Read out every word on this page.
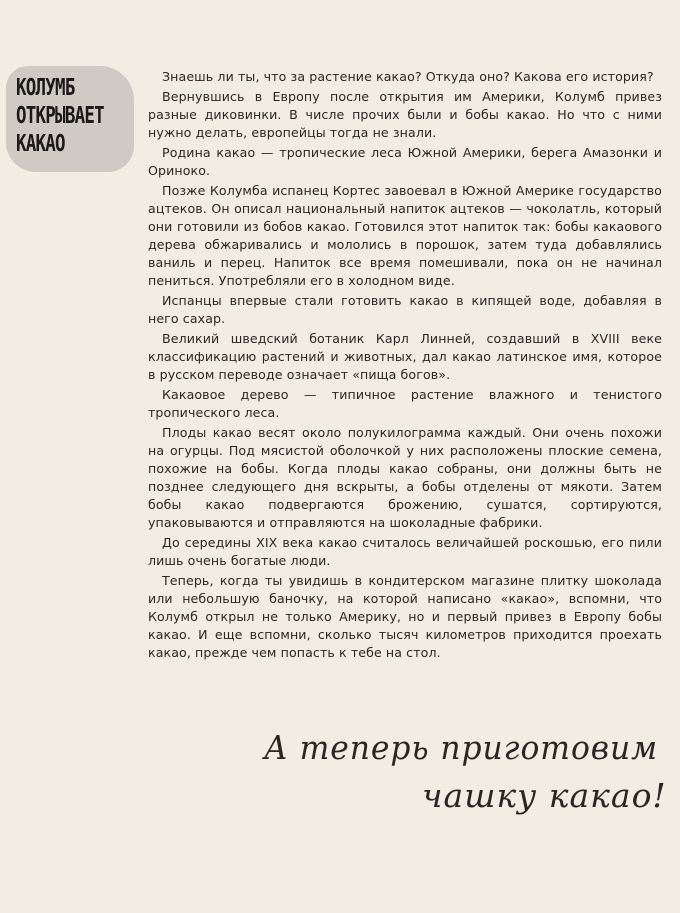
КОЛУМБ
ОТКРЫВАЕТ
КАКАО

Знаешь ли ты, что за растение какао? Откуда оно? Какова его история?

Вернувшись в Европу после открытия им Америки, Колумб привез разные диковинки. В числе прочих были и бобы какао. Но что с ними нужно делать, европейцы тогда не знали.

Родина какао — тропические леса Южной Америки, берега Амазонки и Ориноко.

Позже Колумба испанец Кортес завоевал в Южной Америке государство ацтеков. Он описал национальный напиток ацтеков — чоколатль, который они готовили из бобов какао. Готовился этот напиток так: бобы какаового дерева обжаривались и мололись в порошок, затем туда добавлялись ваниль и перец. Напиток все время помешивали, пока он не начинал пениться. Употребляли его в холодном виде.

Испанцы впервые стали готовить какао в кипящей воде, добавляя в него сахар.

Великий шведский ботаник Карл Линней, создавший в XVIII веке классификацию растений и животных, дал какао латинское имя, которое в русском переводе означает «пища богов».

Какаовое дерево — типичное растение влажного и тенистого тропического леса.

Плоды какао весят около полукилограмма каждый. Они очень похожи на огурцы. Под мясистой оболочкой у них расположены плоские семена, похожие на бобы. Когда плоды какао собраны, они должны быть не позднее следующего дня вскрыты, а бобы отделены от мякоти. Затем бобы какао подвергаются брожению, сушатся, сортируются, упаковываются и отправляются на шоколадные фабрики.

До середины XIX века какао считалось величайшей роскошью, его пили лишь очень богатые люди.

Теперь, когда ты увидишь в кондитерском магазине плитку шоколада или небольшую баночку, на которой написано «какао», вспомни, что Колумб открыл не только Америку, но и первый привез в Европу бобы какао. И еще вспомни, сколько тысяч километров приходится проехать какао, прежде чем попасть к тебе на стол.

А теперь приготовим
чашку какао!
